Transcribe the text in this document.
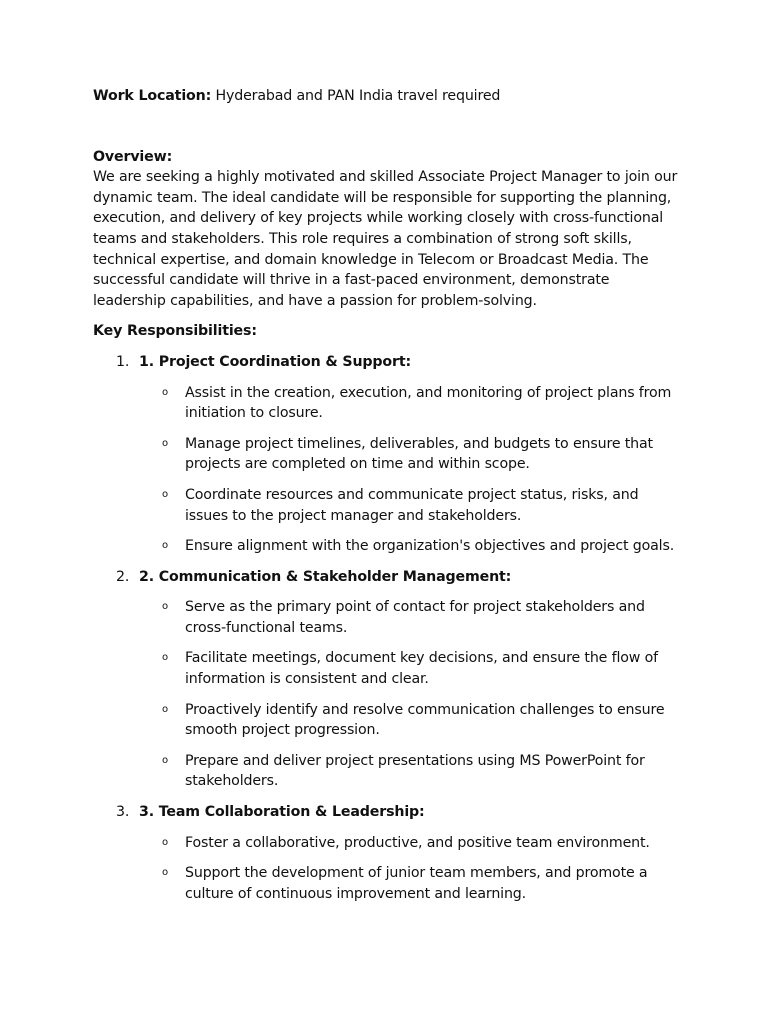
Work Location: Hyderabad and PAN India travel required

Overview:

We are seeking a highly motivated and skilled Associate Project Manager to join our dynamic team. The ideal candidate will be responsible for supporting the planning, execution, and delivery of key projects while working closely with cross-functional teams and stakeholders. This role requires a combination of strong soft skills, technical expertise, and domain knowledge in Telecom or Broadcast Media. The successful candidate will thrive in a fast-paced environment, demonstrate leadership capabilities, and have a passion for problem-solving.

Key Responsibilities:

1. 1. Project Coordination & Support:
o Assist in the creation, execution, and monitoring of project plans from initiation to closure.
o Manage project timelines, deliverables, and budgets to ensure that projects are completed on time and within scope.
o Coordinate resources and communicate project status, risks, and issues to the project manager and stakeholders.
o Ensure alignment with the organization's objectives and project goals.
2. 2. Communication & Stakeholder Management:
o Serve as the primary point of contact for project stakeholders and cross-functional teams.
o Facilitate meetings, document key decisions, and ensure the flow of information is consistent and clear.
o Proactively identify and resolve communication challenges to ensure smooth project progression.
o Prepare and deliver project presentations using MS PowerPoint for stakeholders.
3. 3. Team Collaboration & Leadership:
o Foster a collaborative, productive, and positive team environment.
o Support the development of junior team members, and promote a culture of continuous improvement and learning.
